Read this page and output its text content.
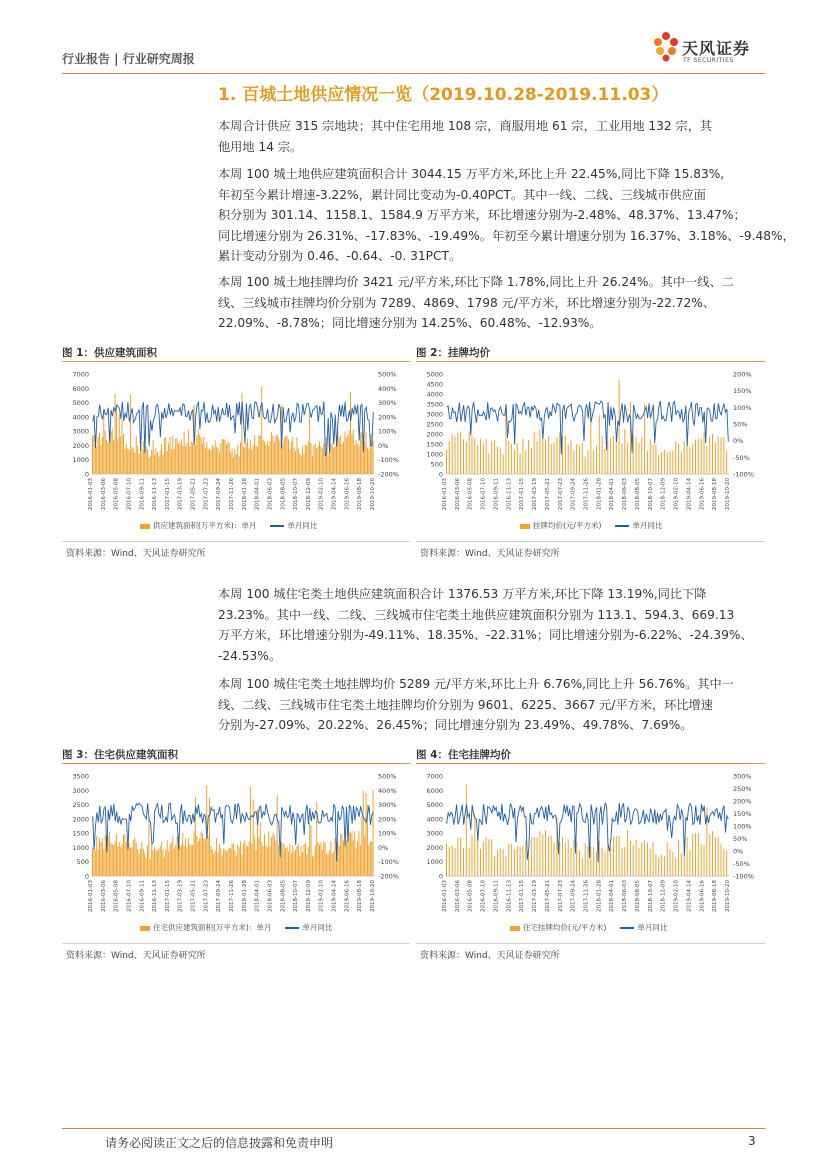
行业报告 | 行业研究周报
天风证券
TF SECURITIES
1. 百城土地供应情况一览（2019.10.28-2019.11.03）
本周合计供应 315 宗地块；其中住宅用地 108 宗，商服用地 61 宗，工业用地 132 宗，其
他用地 14 宗。
本周 100 城土地供应建筑面积合计 3044.15 万平方米,环比上升 22.45%,同比下降 15.83%,
年初至今累计增速-3.22%，累计同比变动为-0.40PCT。其中一线、二线、三线城市供应面
积分别为 301.14、1158.1、1584.9 万平方米，环比增速分别为-2.48%、48.37%、13.47%；
同比增速分别为 26.31%、-17.83%、-19.49%。年初至今累计增速分别为 16.37%、3.18%、-9.48%，
累计变动分别为 0.46、-0.64、-0. 31PCT。
本周 100 城土地挂牌均价 3421 元/平方米,环比下降 1.78%,同比上升 26.24%。其中一线、二
线、三线城市挂牌均价分别为 7289、4869、1798 元/平方米，环比增速分别为-22.72%、
22.09%、-8.78%；同比增速分别为 14.25%、60.48%、-12.93%。
图 1：供应建筑面积
7000
6000
5000
4000
3000
2000
1000
0
500%
400%
300%
200%
100%
0%
-100%
-200%
2016-01-03 2016-03-06 2016-05-08 2016-07-10 2016-09-11 2016-11-13 2017-01-15 2017-03-19 2017-05-21 2017-07-23 2017-09-24 2017-11-26 2018-01-28 2018-04-01 2018-06-03 2018-08-05 2018-10-07 2018-12-09 2019-02-10 2019-04-14 2019-06-16 2019-08-18 2019-10-20
供应建筑面积(万平方米)：单月	单月同比
资料来源：Wind、天风证券研究所
图 2：挂牌均价
5000
4500
4000
3500
3000
2500
2000
1500
1000
500
0
200%
150%
100%
50%
0%
-50%
-100%
2016-01-03 2016-03-06 2016-05-08 2016-07-10 2016-09-11 2016-11-13 2017-01-15 2017-03-19 2017-05-21 2017-07-23 2017-09-24 2017-11-26 2018-01-28 2018-04-01 2018-06-03 2018-08-05 2018-10-07 2018-12-09 2019-02-10 2019-04-14 2019-06-16 2019-08-18 2019-10-20
挂牌均价(元/平方米)	单月同比
资料来源：Wind、天风证券研究所
本周 100 城住宅类土地供应建筑面积合计 1376.53 万平方米,环比下降 13.19%,同比下降
23.23%。其中一线、二线、三线城市住宅类土地供应建筑面积分别为 113.1、594.3、669.13
万平方米，环比增速分别为-49.11%、18.35%、-22.31%；同比增速分别为-6.22%、-24.39%、
-24.53%。
本周 100 城住宅类土地挂牌均价 5289 元/平方米,环比上升 6.76%,同比上升 56.76%。其中一
线、二线、三线城市住宅类土地挂牌均价分别为 9601、6225、3667 元/平方米，环比增速
分别为-27.09%、20.22%、26.45%；同比增速分别为 23.49%、49.78%、7.69%。
图 3：住宅供应建筑面积
3500
3000
2500
2000
1500
1000
500
0
500%
400%
300%
200%
100%
0%
-100%
-200%
2016-01-03 2016-03-06 2016-05-08 2016-07-10 2016-09-11 2016-11-13 2017-01-15 2017-03-19 2017-05-21 2017-07-23 2017-09-24 2017-11-26 2018-01-28 2018-04-01 2018-06-03 2018-08-05 2018-10-07 2018-12-09 2019-02-10 2019-04-14 2019-06-16 2019-08-18 2019-10-20
住宅供应建筑面积(万平方米)：单月	单月同比
资料来源：Wind、天风证券研究所
图 4：住宅挂牌均价
7000
6000
5000
4000
3000
2000
1000
0
300%
250%
200%
150%
100%
50%
0%
-50%
-100%
2016-01-03 2016-03-06 2016-05-08 2016-07-10 2016-09-11 2016-11-13 2017-01-15 2017-03-19 2017-05-21 2017-07-23 2017-09-24 2017-11-26 2018-01-28 2018-04-01 2018-06-03 2018-08-05 2018-10-07 2018-12-09 2019-02-10 2019-04-14 2019-06-16 2019-08-18 2019-10-20
住宅挂牌均价(元/平方米)	单月同比
资料来源：Wind、天风证券研究所
请务必阅读正文之后的信息披露和免责申明	3
